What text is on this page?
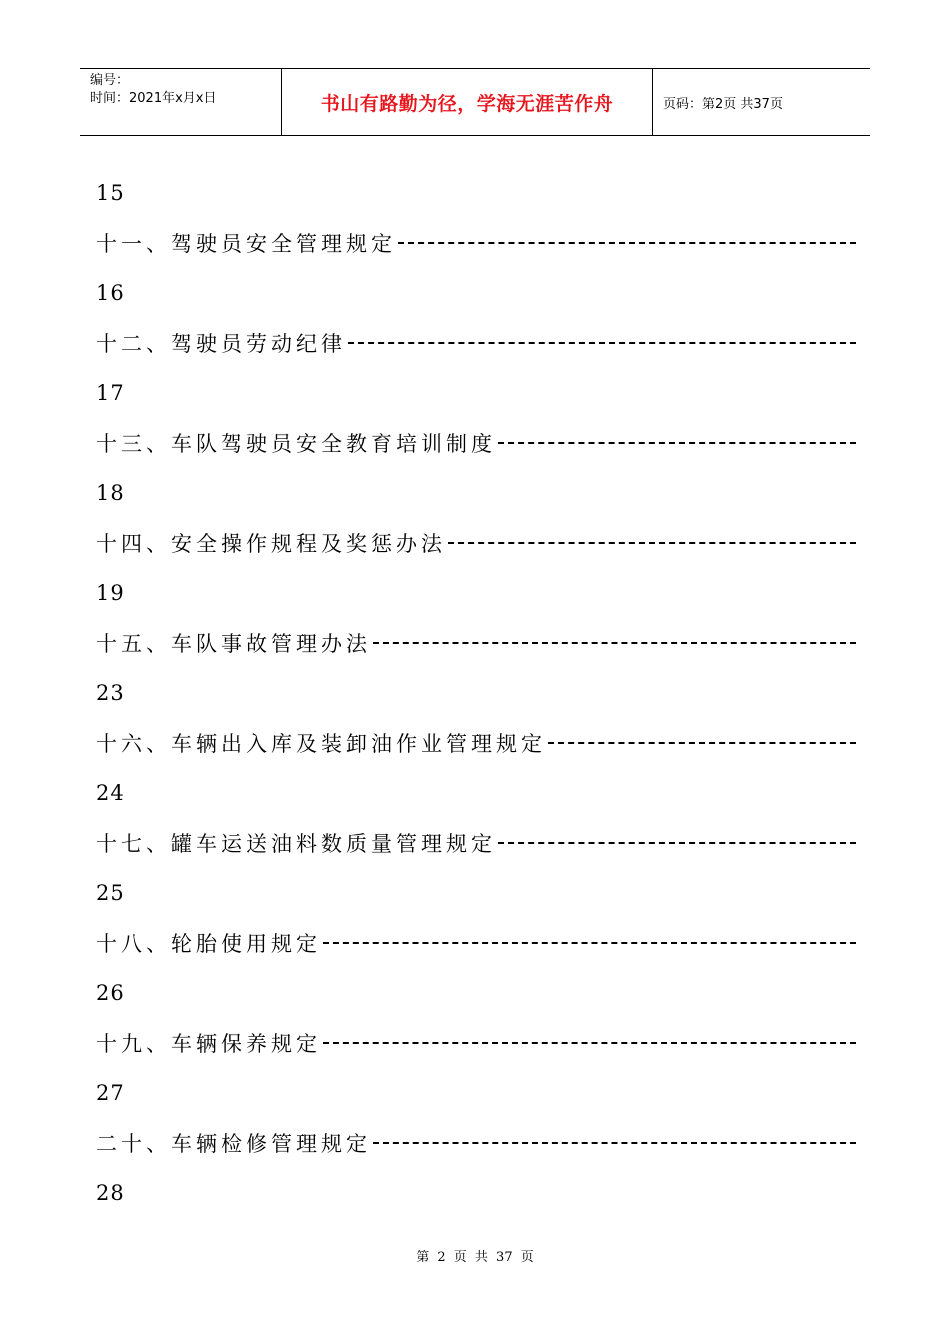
编号：
时间：2021年x月x日	书山有路勤为径，学海无涯苦作舟	页码：第2页 共37页
15
十一、驾驶员安全管理规定
16
十二、驾驶员劳动纪律
17
十三、车队驾驶员安全教育培训制度
18
十四、安全操作规程及奖惩办法
19
十五、车队事故管理办法
23
十六、车辆出入库及装卸油作业管理规定
24
十七、罐车运送油料数质量管理规定
25
十八、轮胎使用规定
26
十九、车辆保养规定
27
二十、车辆检修管理规定
28
第 2 页 共 37 页
